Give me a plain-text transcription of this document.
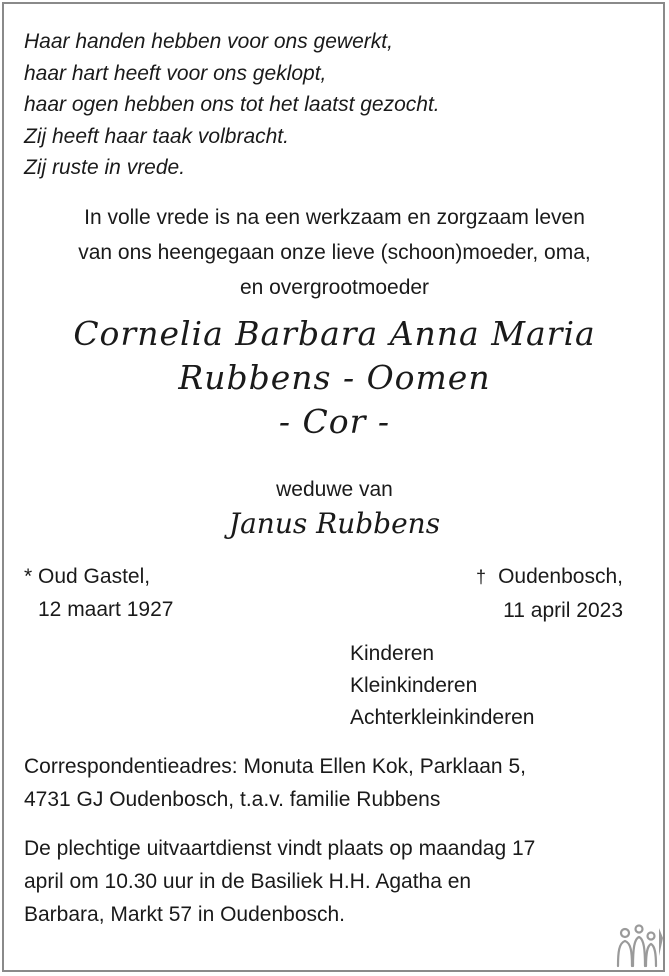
Haar handen hebben voor ons gewerkt,
haar hart heeft voor ons geklopt,
haar ogen hebben ons tot het laatst gezocht.
Zij heeft haar taak volbracht.
Zij ruste in vrede.
In volle vrede is na een werkzaam en zorgzaam leven
van ons heengegaan onze lieve (schoon)moeder, oma,
en overgrootmoeder
Cornelia Barbara Anna Maria
Rubbens - Oomen
- Cor -
weduwe van
Janus Rubbens
* Oud Gastel,
12 maart 1927
† Oudenbosch,
11 april 2023
Kinderen
Kleinkinderen
Achterkleinkinderen
Correspondentieadres: Monuta Ellen Kok, Parklaan 5,
4731 GJ Oudenbosch, t.a.v. familie Rubbens
De plechtige uitvaartdienst vindt plaats op maandag 17
april om 10.30 uur in de Basiliek H.H. Agatha en
Barbara, Markt 57 in Oudenbosch.
